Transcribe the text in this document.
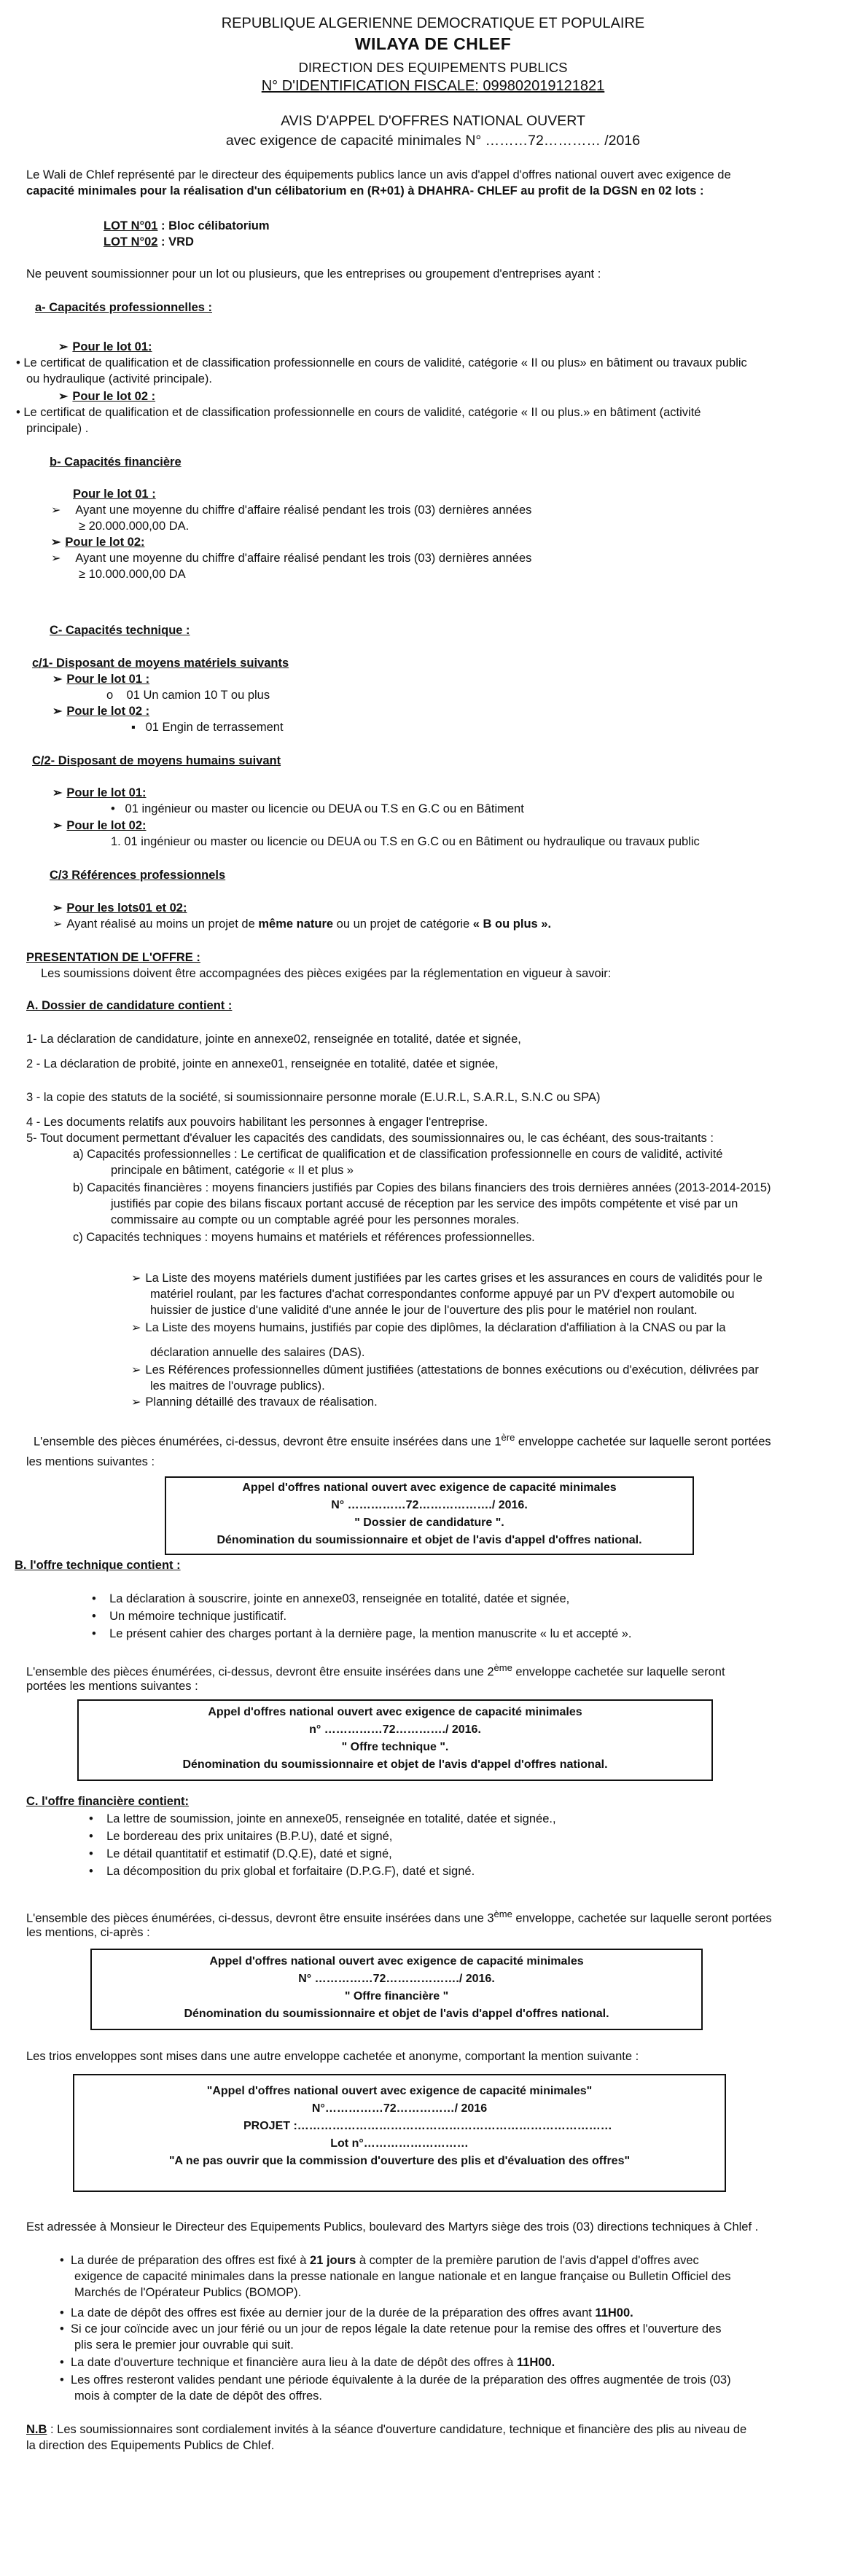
REPUBLIQUE ALGERIENNE DEMOCRATIQUE ET POPULAIRE
WILAYA DE CHLEF
DIRECTION DES EQUIPEMENTS PUBLICS
N° D'IDENTIFICATION FISCALE: 099802019121821
AVIS D'APPEL D'OFFRES NATIONAL OUVERT
avec exigence de capacité minimales N° ………72………… /2016
Le Wali de Chlef représenté par le directeur des équipements publics lance un avis d'appel d'offres national ouvert avec exigence de
capacité minimales pour la réalisation d'un célibatorium en (R+01) à DHAHRA- CHLEF au profit de la DGSN en 02 lots :
LOT N°01 : Bloc célibatorium
LOT N°02 : VRD
Ne peuvent soumissionner pour un lot ou plusieurs, que les entreprises ou groupement d'entreprises ayant :
a- Capacités professionnelles :
➢ Pour le lot 01:
• Le certificat de qualification et de classification professionnelle en cours de validité, catégorie « II ou plus» en bâtiment ou travaux public
ou hydraulique (activité principale).
➢ Pour le lot 02 :
• Le certificat de qualification et de classification professionnelle en cours de validité, catégorie « II ou plus.» en bâtiment (activité
principale) .
b- Capacités financière
Pour le lot 01 :
➢ Ayant une moyenne du chiffre d'affaire réalisé pendant les trois (03) dernières années
≥ 20.000.000,00 DA.
➢ Pour le lot 02:
➢ Ayant une moyenne du chiffre d'affaire réalisé pendant les trois (03) dernières années
≥ 10.000.000,00 DA
C- Capacités technique :
c/1- Disposant de moyens matériels suivants
➢ Pour le lot 01 :
o    01 Un camion 10 T ou plus
➢ Pour le lot 02 :
▪   01 Engin de terrassement
C/2- Disposant de moyens humains suivant
➢ Pour le lot 01:
•   01 ingénieur ou master ou licencie ou DEUA ou T.S en G.C ou en Bâtiment
➢ Pour le lot 02:
1. 01 ingénieur ou master ou licencie ou DEUA ou T.S en G.C ou en Bâtiment ou hydraulique ou travaux public
C/3 Références professionnels
➢ Pour les lots01 et 02:
➢ Ayant réalisé au moins un projet de même nature ou un projet de catégorie « B ou plus ».
PRESENTATION DE L'OFFRE :
Les soumissions doivent être accompagnées des pièces exigées par la réglementation en vigueur à savoir:
A. Dossier de candidature contient :
1- La déclaration de candidature, jointe en annexe02, renseignée en totalité, datée et signée,
2 - La déclaration de probité, jointe en annexe01, renseignée en totalité, datée et signée,
3 - la copie des statuts de la société, si soumissionnaire personne morale (E.U.R.L, S.A.R.L, S.N.C ou SPA)
4 - Les documents relatifs aux pouvoirs habilitant les personnes à engager l'entreprise.
5- Tout document permettant d'évaluer les capacités des candidats, des soumissionnaires ou, le cas échéant, des sous-traitants :
a) Capacités professionnelles : Le certificat de qualification et de classification professionnelle en cours de validité, activité
principale en bâtiment, catégorie « II et plus »
b) Capacités financières : moyens financiers justifiés par Copies des bilans financiers des trois dernières années (2013-2014-2015)
justifiés par copie des bilans fiscaux portant accusé de réception par les service des impôts compétente et visé par un
commissaire au compte ou un comptable agréé pour les personnes morales.
c) Capacités techniques : moyens humains et matériels et références professionnelles.
➢ La Liste des moyens matériels dument justifiées par les cartes grises et les assurances en cours de validités pour le
matériel roulant, par les factures d'achat correspondantes conforme appuyé par un PV d'expert automobile ou
huissier de justice d'une validité d'une année le jour de l'ouverture des plis pour le matériel non roulant.
➢ La Liste des moyens humains, justifiés par copie des diplômes, la déclaration d'affiliation à la CNAS ou par la
déclaration annuelle des salaires (DAS).
➢ Les Références professionnelles dûment justifiées (attestations de bonnes exécutions ou d'exécution, délivrées par
les maitres de l'ouvrage publics).
➢ Planning détaillé des travaux de réalisation.
L'ensemble des pièces énumérées, ci-dessus, devront être ensuite insérées dans une 1ère enveloppe cachetée sur laquelle seront portées
les mentions suivantes :
Appel d'offres national ouvert avec exigence de capacité minimales
N° ……………72………………./ 2016.
" Dossier de candidature ".
Dénomination du soumissionnaire et objet de l'avis d'appel d'offres national.
B. l'offre technique contient :
•    La déclaration à souscrire, jointe en annexe03, renseignée en totalité, datée et signée,
•    Un mémoire technique justificatif.
•    Le présent cahier des charges portant à la dernière page, la mention manuscrite « lu et accepté ».
L'ensemble des pièces énumérées, ci-dessus, devront être ensuite insérées dans une 2ème enveloppe cachetée sur laquelle seront
portées les mentions suivantes :
Appel d'offres national ouvert avec exigence de capacité minimales
n° ……………72…………./ 2016.
" Offre technique ".
Dénomination du soumissionnaire et objet de l'avis d'appel d'offres national.
C. l'offre financière contient:
•    La lettre de soumission, jointe en annexe05, renseignée en totalité, datée et signée.,
•    Le bordereau des prix unitaires (B.P.U), daté et signé,
•    Le détail quantitatif et estimatif (D.Q.E), daté et signé,
•    La décomposition du prix global et forfaitaire (D.P.G.F), daté et signé.
L'ensemble des pièces énumérées, ci-dessus, devront être ensuite insérées dans une 3ème enveloppe, cachetée sur laquelle seront portées
les mentions, ci-après :
Appel d'offres national ouvert avec exigence de capacité minimales
N° ……………72………………./ 2016.
" Offre financière "
Dénomination du soumissionnaire et objet de l'avis d'appel d'offres national.
Les trios enveloppes sont mises dans une autre enveloppe cachetée et anonyme, comportant la mention suivante :
"Appel d'offres national ouvert avec exigence de capacité minimales"
N°……………72……………/ 2016
PROJET :………………………………………………………………………
Lot n°………………………
"A ne pas ouvrir que la commission d'ouverture des plis et d'évaluation des offres"
Est adressée à Monsieur le Directeur des Equipements Publics, boulevard des Martyrs siège des trois (03) directions techniques à Chlef .
•  La durée de préparation des offres est fixé à 21 jours à compter de la première parution de l'avis d'appel d'offres avec
exigence de capacité minimales dans la presse nationale en langue nationale et en langue française ou Bulletin Officiel des
Marchés de l'Opérateur Publics (BOMOP).
•  La date de dépôt des offres est fixée au dernier jour de la durée de la préparation des offres avant 11H00.
•  Si ce jour coïncide avec un jour férié ou un jour de repos légale la date retenue pour la remise des offres et l'ouverture des
plis sera le premier jour ouvrable qui suit.
•  La date d'ouverture technique et financière aura lieu à la date de dépôt des offres à 11H00.
•  Les offres resteront valides pendant une période équivalente à la durée de la préparation des offres augmentée de trois (03)
mois à compter de la date de dépôt des offres.
N.B : Les soumissionnaires sont cordialement invités à la séance d'ouverture candidature, technique et financière des plis au niveau de
la direction des Equipements Publics de Chlef.
